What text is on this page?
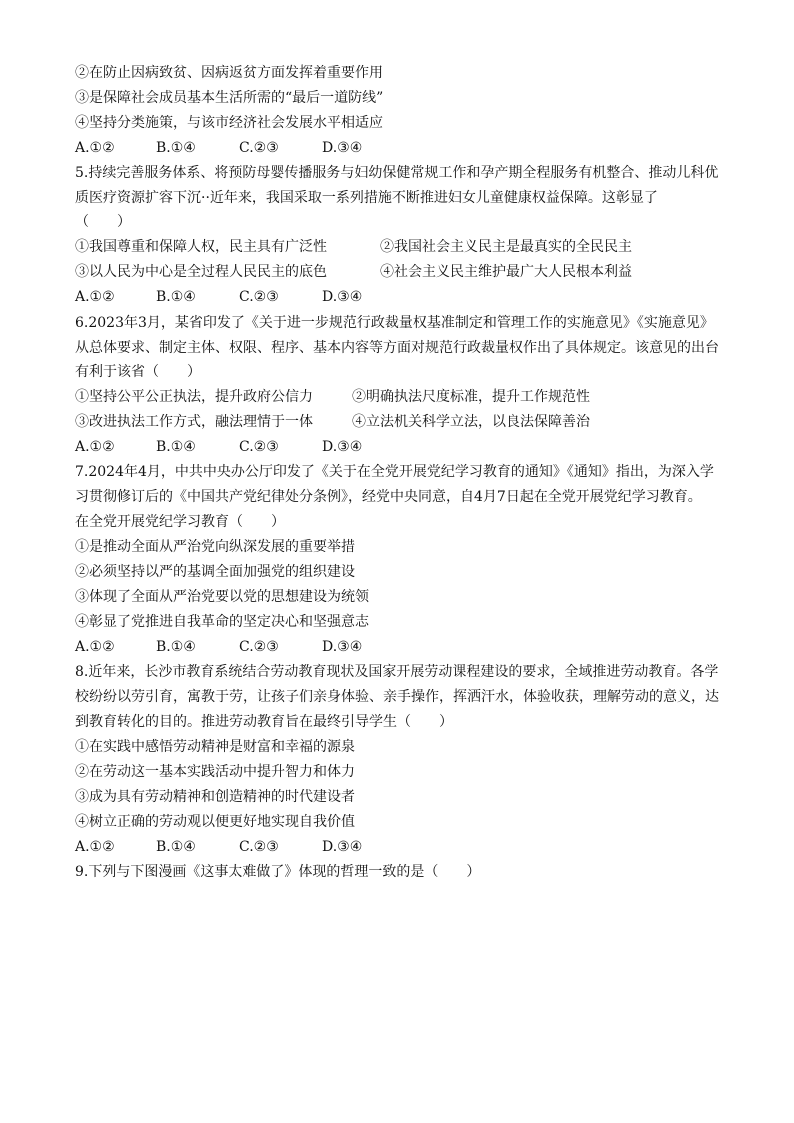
②在防止因病致贫、因病返贫方面发挥着重要作用
③是保障社会成员基本生活所需的“最后一道防线”
④坚持分类施策，与该市经济社会发展水平相适应
A.①②	B.①④	C.②③	D.③④
5.持续完善服务体系、将预防母婴传播服务与妇幼保健常规工作和孕产期全程服务有机整合、推动儿科优
质医疗资源扩容下沉··近年来，我国采取一系列措施不断推进妇女儿童健康权益保障。这彰显了
（　　）
①我国尊重和保障人权，民主具有广泛性	②我国社会主义民主是最真实的全民民主
③以人民为中心是全过程人民民主的底色	④社会主义民主维护最广大人民根本利益
A.①②	B.①④	C.②③	D.③④
6.2023年3月，某省印发了《关于进一步规范行政裁量权基准制定和管理工作的实施意见》《实施意见》
从总体要求、制定主体、权限、程序、基本内容等方面对规范行政裁量权作出了具体规定。该意见的出台
有利于该省（　　）
①坚持公平公正执法，提升政府公信力	②明确执法尺度标准，提升工作规范性
③改进执法工作方式，融法理情于一体	④立法机关科学立法，以良法保障善治
A.①②	B.①④	C.②③	D.③④
7.2024年4月，中共中央办公厅印发了《关于在全党开展党纪学习教育的通知》《通知》指出，为深入学
习贯彻修订后的《中国共产党纪律处分条例》，经党中央同意，自4月7日起在全党开展党纪学习教育。
在全党开展党纪学习教育（　　）
①是推动全面从严治党向纵深发展的重要举措
②必须坚持以严的基调全面加强党的组织建设
③体现了全面从严治党要以党的思想建设为统领
④彰显了党推进自我革命的坚定决心和坚强意志
A.①②	B.①④	C.②③	D.③④
8.近年来，长沙市教育系统结合劳动教育现状及国家开展劳动课程建设的要求，全域推进劳动教育。各学
校纷纷以劳引育，寓教于劳，让孩子们亲身体验、亲手操作，挥洒汗水，体验收获，理解劳动的意义，达
到教育转化的目的。推进劳动教育旨在最终引导学生（　　）
①在实践中感悟劳动精神是财富和幸福的源泉
②在劳动这一基本实践活动中提升智力和体力
③成为具有劳动精神和创造精神的时代建设者
④树立正确的劳动观以便更好地实现自我价值
A.①②	B.①④	C.②③	D.③④
9.下列与下图漫画《这事太难做了》体现的哲理一致的是（　　）
